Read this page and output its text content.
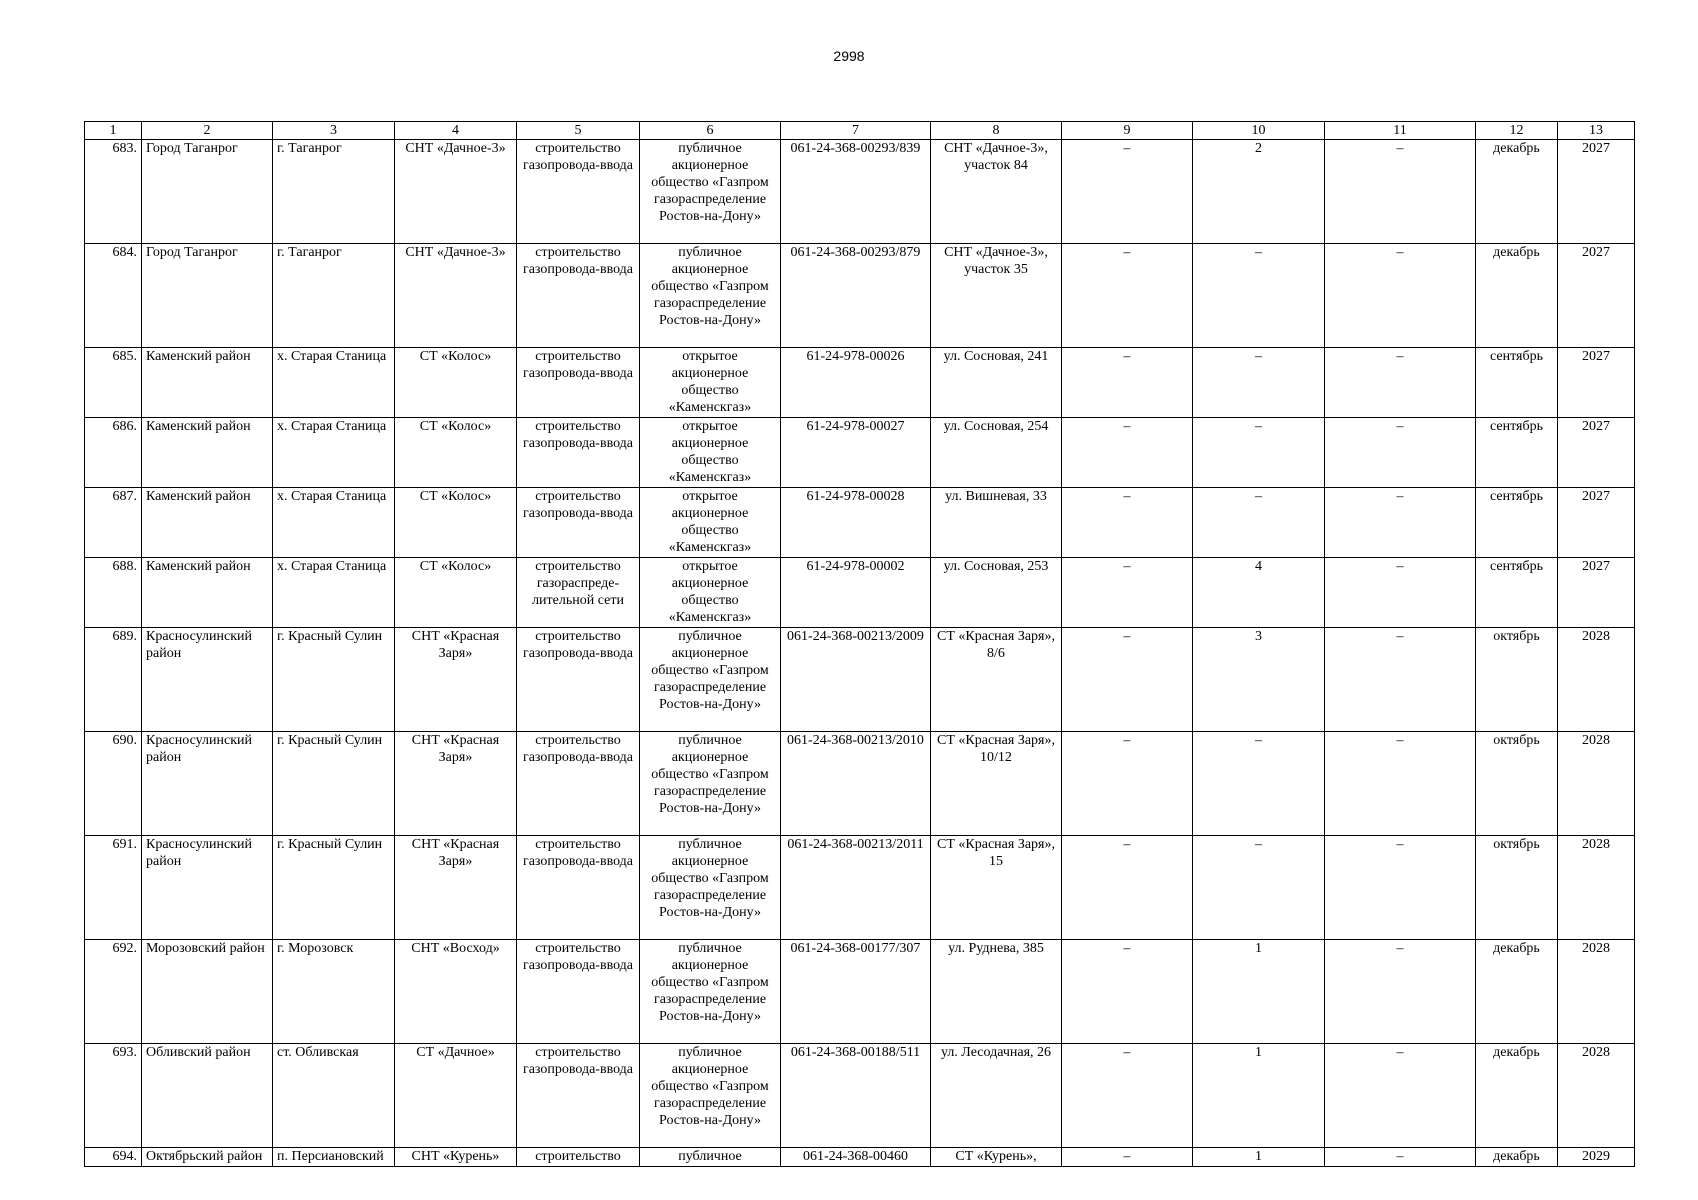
2998
1	2	3	4	5	6	7	8	9	10	11	12	13
683.	Город Таганрог	г. Таганрог	СНТ «Дачное-3»	строительство газопровода-ввода	публичное акционерное общество «Газпром газораспределение Ростов-на-Дону»	061-24-368-00293/839	СНТ «Дачное-3», участок 84	–	2	–	декабрь	2027
684.	Город Таганрог	г. Таганрог	СНТ «Дачное-3»	строительство газопровода-ввода	публичное акционерное общество «Газпром газораспределение Ростов-на-Дону»	061-24-368-00293/879	СНТ «Дачное-3», участок 35	–	–	–	декабрь	2027
685.	Каменский район	х. Старая Станица	СТ «Колос»	строительство газопровода-ввода	открытое акционерное общество «Каменскгаз»	61-24-978-00026	ул. Сосновая, 241	–	–	–	сентябрь	2027
686.	Каменский район	х. Старая Станица	СТ «Колос»	строительство газопровода-ввода	открытое акционерное общество «Каменскгаз»	61-24-978-00027	ул. Сосновая, 254	–	–	–	сентябрь	2027
687.	Каменский район	х. Старая Станица	СТ «Колос»	строительство газопровода-ввода	открытое акционерное общество «Каменскгаз»	61-24-978-00028	ул. Вишневая, 33	–	–	–	сентябрь	2027
688.	Каменский район	х. Старая Станица	СТ «Колос»	строительство газораспреде-лительной сети	открытое акционерное общество «Каменскгаз»	61-24-978-00002	ул. Сосновая, 253	–	4	–	сентябрь	2027
689.	Красносулинский район	г. Красный Сулин	СНТ «Красная Заря»	строительство газопровода-ввода	публичное акционерное общество «Газпром газораспределение Ростов-на-Дону»	061-24-368-00213/2009	СТ «Красная Заря», 8/6	–	3	–	октябрь	2028
690.	Красносулинский район	г. Красный Сулин	СНТ «Красная Заря»	строительство газопровода-ввода	публичное акционерное общество «Газпром газораспределение Ростов-на-Дону»	061-24-368-00213/2010	СТ «Красная Заря», 10/12	–	–	–	октябрь	2028
691.	Красносулинский район	г. Красный Сулин	СНТ «Красная Заря»	строительство газопровода-ввода	публичное акционерное общество «Газпром газораспределение Ростов-на-Дону»	061-24-368-00213/2011	СТ «Красная Заря», 15	–	–	–	октябрь	2028
692.	Морозовский район	г. Морозовск	СНТ «Восход»	строительство газопровода-ввода	публичное акционерное общество «Газпром газораспределение Ростов-на-Дону»	061-24-368-00177/307	ул. Руднева, 385	–	1	–	декабрь	2028
693.	Обливский район	ст. Обливская	СТ «Дачное»	строительство газопровода-ввода	публичное акционерное общество «Газпром газораспределение Ростов-на-Дону»	061-24-368-00188/511	ул. Лесодачная, 26	–	1	–	декабрь	2028
694.	Октябрьский район	п. Персиановский	СНТ «Курень»	строительство	публичное	061-24-368-00460	СТ «Курень»,	–	1	–	декабрь	2029
